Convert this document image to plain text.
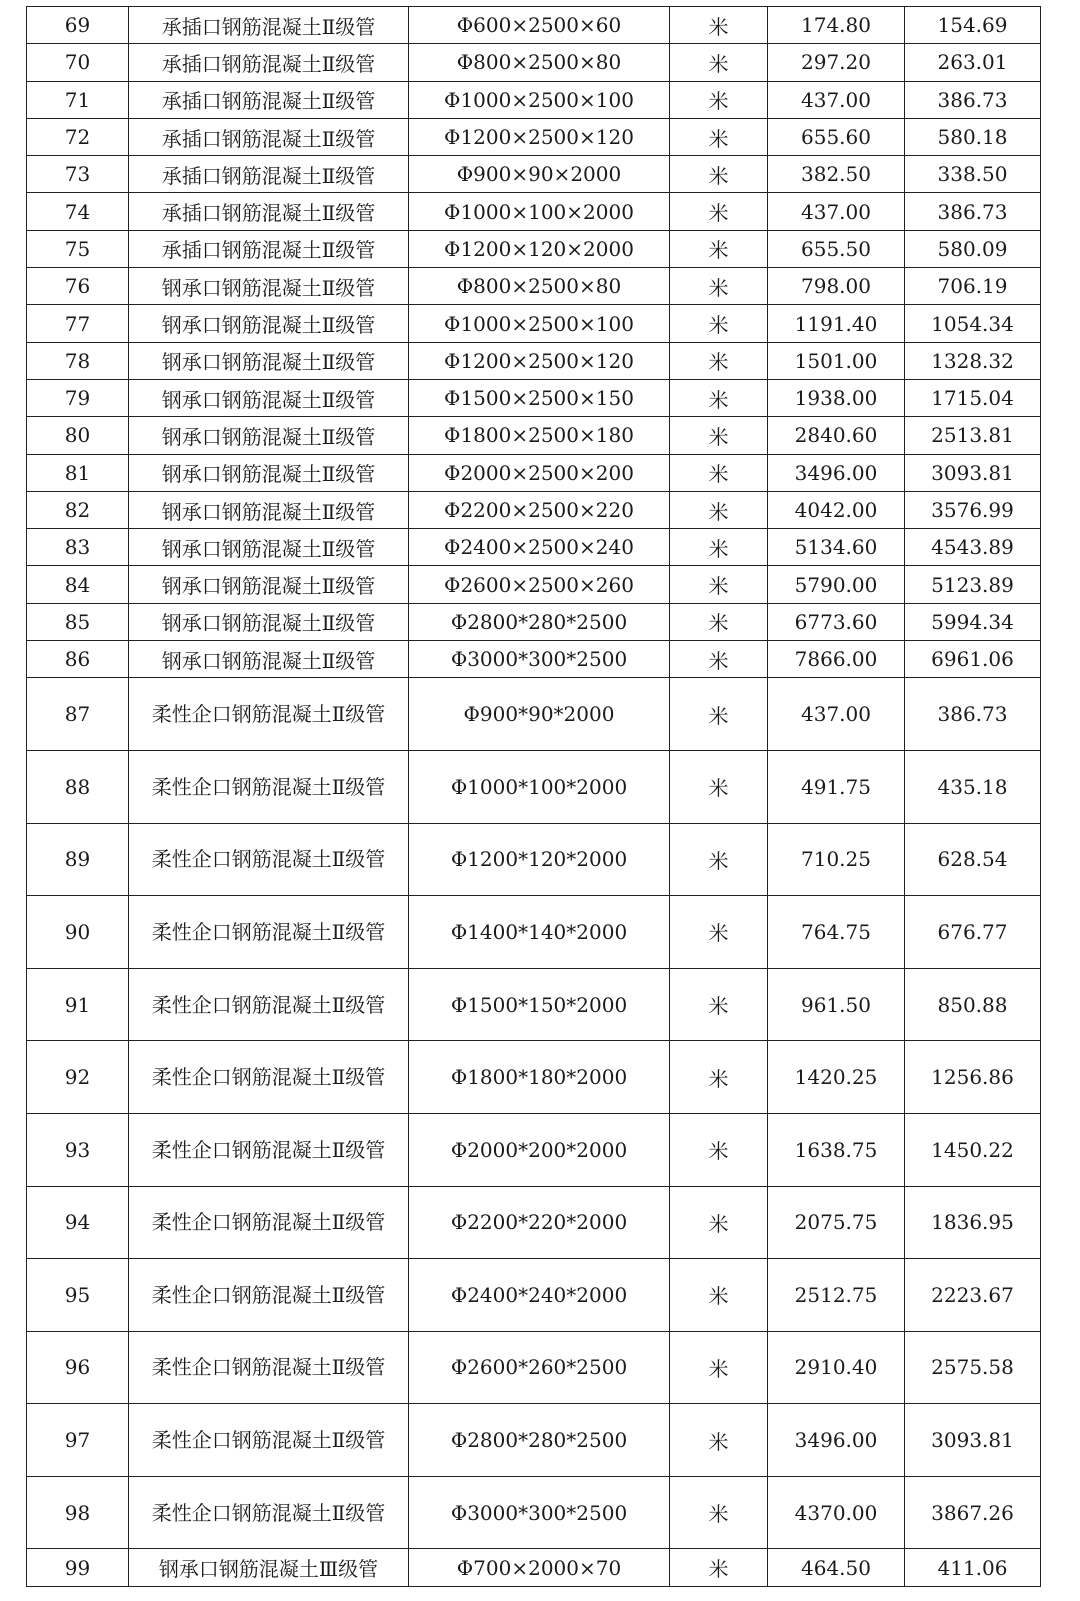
69	承插口钢筋混凝土Ⅱ级管	Φ600×2500×60	米	174.80	154.69
70	承插口钢筋混凝土Ⅱ级管	Φ800×2500×80	米	297.20	263.01
71	承插口钢筋混凝土Ⅱ级管	Φ1000×2500×100	米	437.00	386.73
72	承插口钢筋混凝土Ⅱ级管	Φ1200×2500×120	米	655.60	580.18
73	承插口钢筋混凝土Ⅱ级管	Φ900×90×2000	米	382.50	338.50
74	承插口钢筋混凝土Ⅱ级管	Φ1000×100×2000	米	437.00	386.73
75	承插口钢筋混凝土Ⅱ级管	Φ1200×120×2000	米	655.50	580.09
76	钢承口钢筋混凝土Ⅱ级管	Φ800×2500×80	米	798.00	706.19
77	钢承口钢筋混凝土Ⅱ级管	Φ1000×2500×100	米	1191.40	1054.34
78	钢承口钢筋混凝土Ⅱ级管	Φ1200×2500×120	米	1501.00	1328.32
79	钢承口钢筋混凝土Ⅱ级管	Φ1500×2500×150	米	1938.00	1715.04
80	钢承口钢筋混凝土Ⅱ级管	Φ1800×2500×180	米	2840.60	2513.81
81	钢承口钢筋混凝土Ⅱ级管	Φ2000×2500×200	米	3496.00	3093.81
82	钢承口钢筋混凝土Ⅱ级管	Φ2200×2500×220	米	4042.00	3576.99
83	钢承口钢筋混凝土Ⅱ级管	Φ2400×2500×240	米	5134.60	4543.89
84	钢承口钢筋混凝土Ⅱ级管	Φ2600×2500×260	米	5790.00	5123.89
85	钢承口钢筋混凝土Ⅱ级管	Φ2800*280*2500	米	6773.60	5994.34
86	钢承口钢筋混凝土Ⅱ级管	Φ3000*300*2500	米	7866.00	6961.06
87	柔性企口钢筋混凝土Ⅱ级管	Φ900*90*2000	米	437.00	386.73
88	柔性企口钢筋混凝土Ⅱ级管	Φ1000*100*2000	米	491.75	435.18
89	柔性企口钢筋混凝土Ⅱ级管	Φ1200*120*2000	米	710.25	628.54
90	柔性企口钢筋混凝土Ⅱ级管	Φ1400*140*2000	米	764.75	676.77
91	柔性企口钢筋混凝土Ⅱ级管	Φ1500*150*2000	米	961.50	850.88
92	柔性企口钢筋混凝土Ⅱ级管	Φ1800*180*2000	米	1420.25	1256.86
93	柔性企口钢筋混凝土Ⅱ级管	Φ2000*200*2000	米	1638.75	1450.22
94	柔性企口钢筋混凝土Ⅱ级管	Φ2200*220*2000	米	2075.75	1836.95
95	柔性企口钢筋混凝土Ⅱ级管	Φ2400*240*2000	米	2512.75	2223.67
96	柔性企口钢筋混凝土Ⅱ级管	Φ2600*260*2500	米	2910.40	2575.58
97	柔性企口钢筋混凝土Ⅱ级管	Φ2800*280*2500	米	3496.00	3093.81
98	柔性企口钢筋混凝土Ⅱ级管	Φ3000*300*2500	米	4370.00	3867.26
99	钢承口钢筋混凝土Ⅲ级管	Φ700×2000×70	米	464.50	411.06
